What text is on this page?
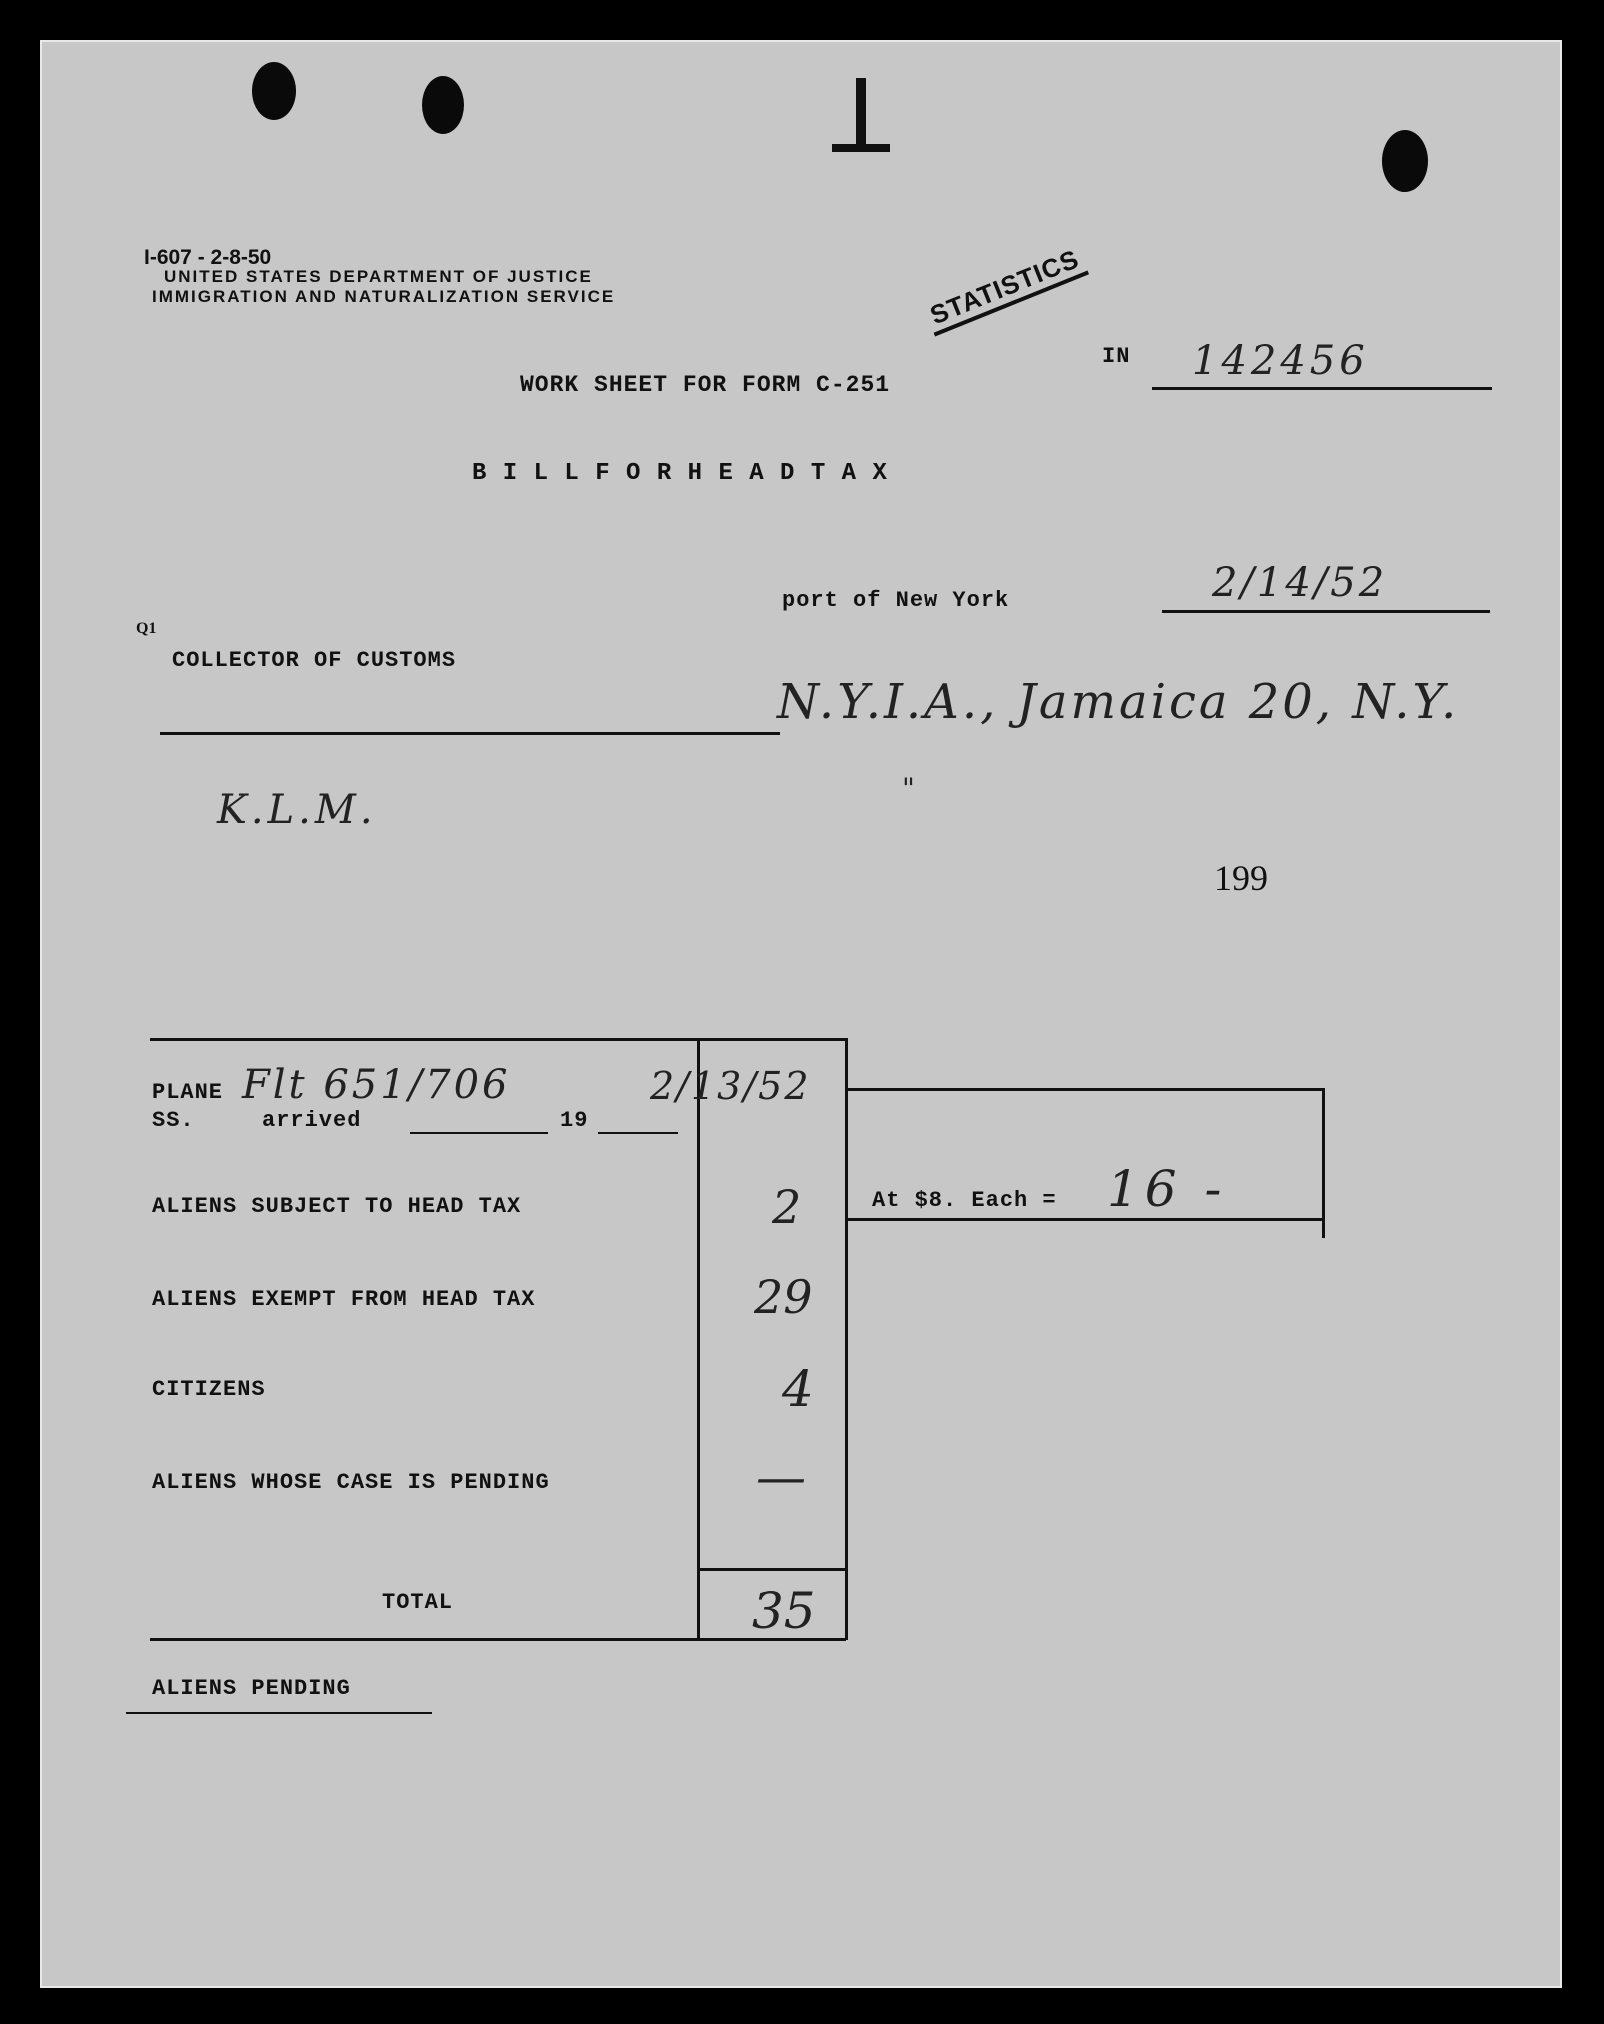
I-607 - 2-8-50
UNITED STATES DEPARTMENT OF JUSTICE
IMMIGRATION AND NATURALIZATION SERVICE	STATISTICS
IN 142456
WORK SHEET FOR FORM C-251
B I L L F O R H E A D T A X
port of New York	2/14/52
Q1
COLLECTOR OF CUSTOMS
N.Y.I.A., Jamaica 20, N.Y.
"
K.L.M.
199
PLANE Flt 651/706	2/13/52
SS.	arrived	19
ALIENS SUBJECT TO HEAD TAX	2
ALIENS EXEMPT FROM HEAD TAX	29
CITIZENS	4
ALIENS WHOSE CASE IS PENDING	—
TOTAL	35
At $8. Each = 16 -
ALIENS PENDING
